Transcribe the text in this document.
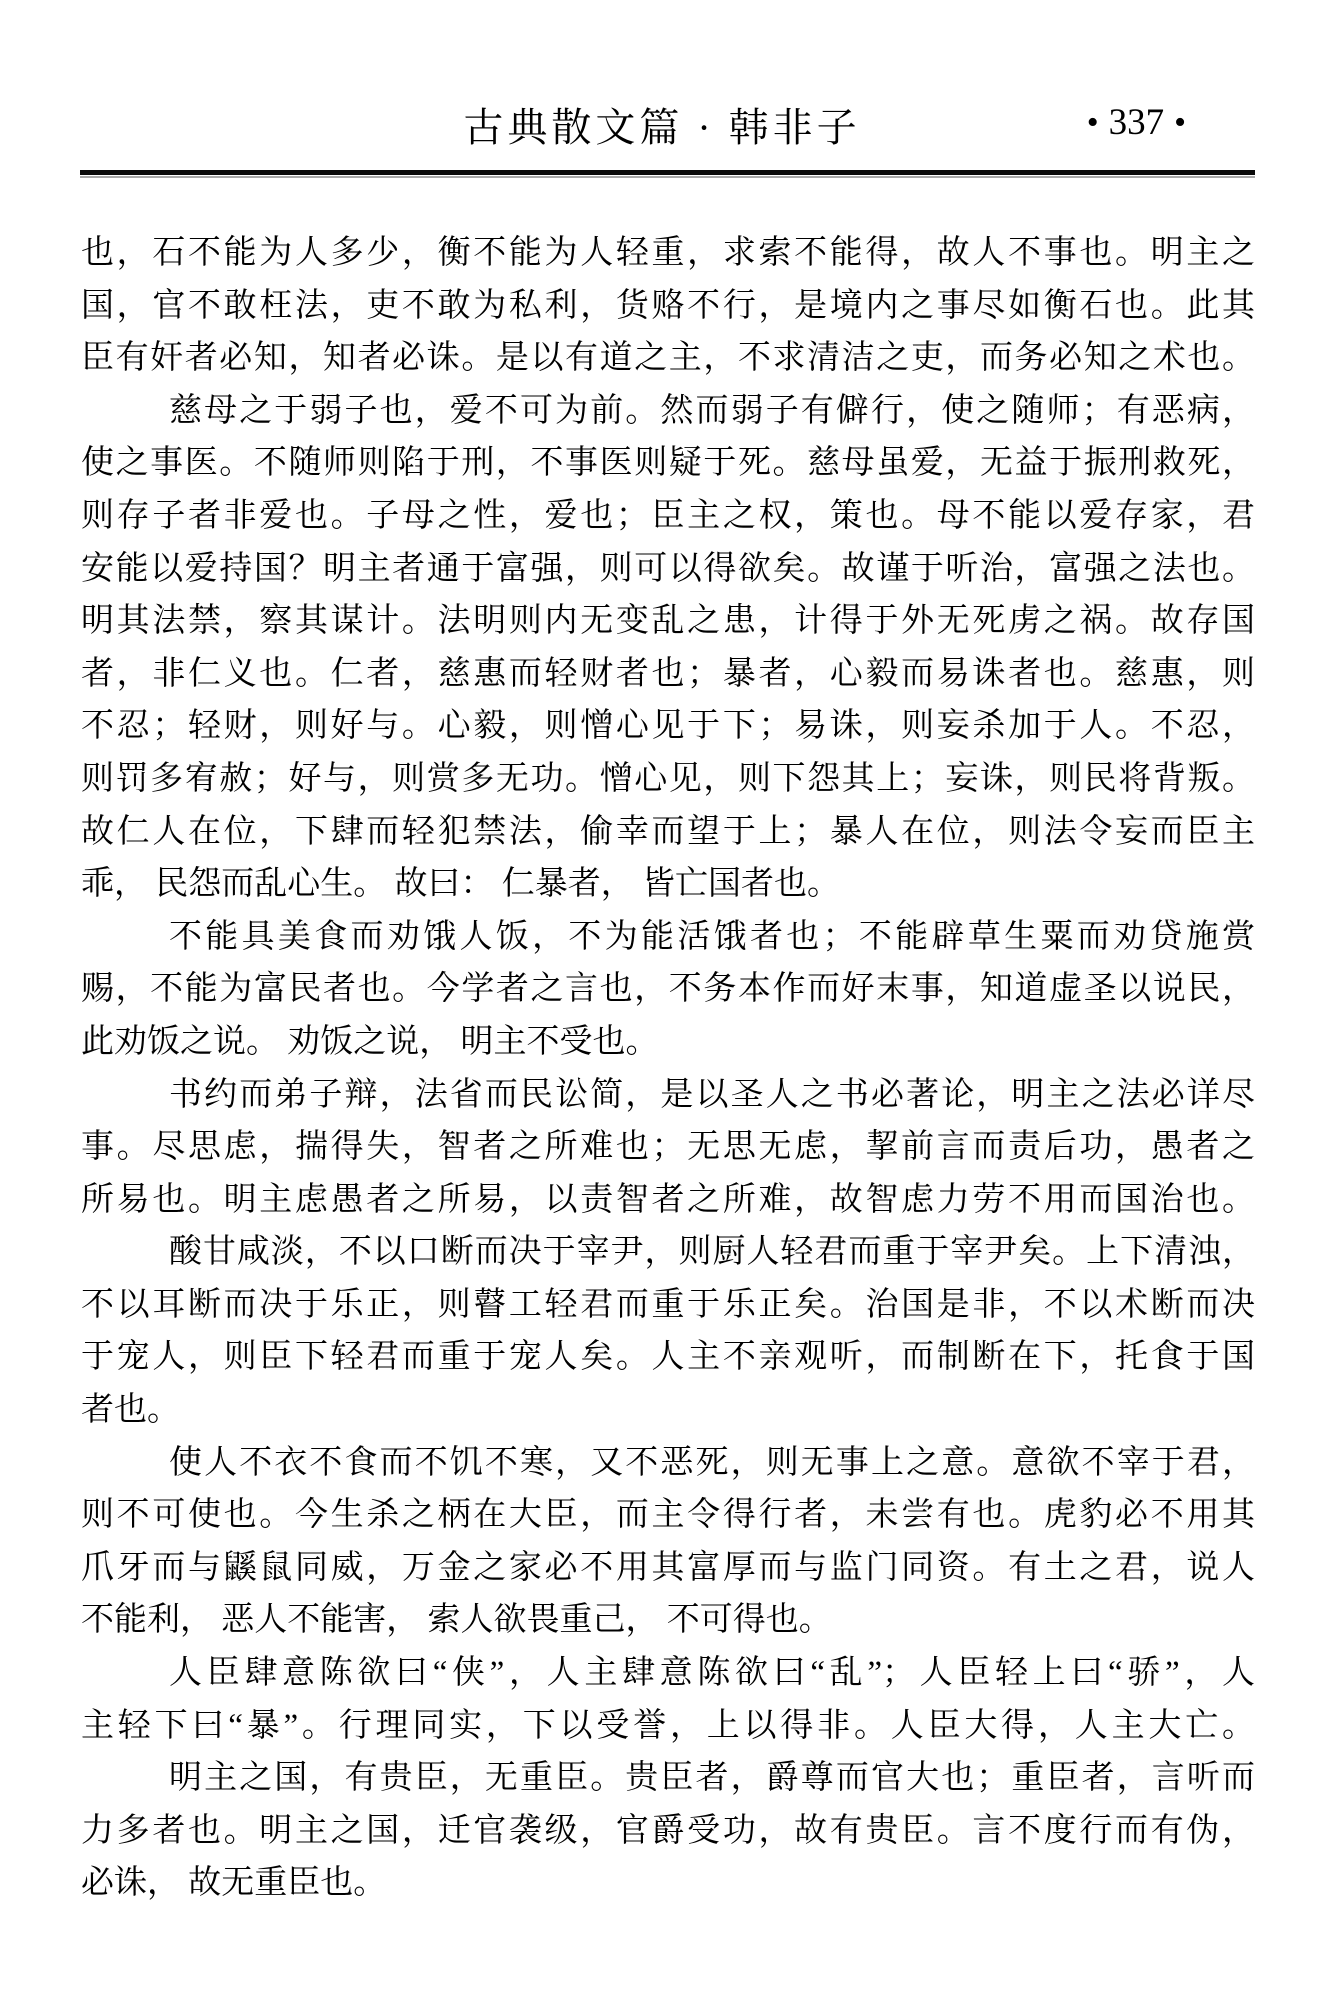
古典散文篇 · 韩非子	• 337 •
也，石不能为人多少，衡不能为人轻重，求索不能得，故人不事也。明主之
国，官不敢枉法，吏不敢为私利，货赂不行，是境内之事尽如衡石也。此其
臣有奸者必知，知者必诛。是以有道之主，不求清洁之吏，而务必知之术也。
慈母之于弱子也，爱不可为前。然而弱子有僻行，使之随师；有恶病，
使之事医。不随师则陷于刑，不事医则疑于死。慈母虽爱，无益于振刑救死，
则存子者非爱也。子母之性，爱也；臣主之权，策也。母不能以爱存家，君
安能以爱持国？明主者通于富强，则可以得欲矣。故谨于听治，富强之法也。
明其法禁，察其谋计。法明则内无变乱之患，计得于外无死虏之祸。故存国
者，非仁义也。仁者，慈惠而轻财者也；暴者，心毅而易诛者也。慈惠，则
不忍；轻财，则好与。心毅，则憎心见于下；易诛，则妄杀加于人。不忍，
则罚多宥赦；好与，则赏多无功。憎心见，则下怨其上；妄诛，则民将背叛。
故仁人在位，下肆而轻犯禁法，偷幸而望于上；暴人在位，则法令妄而臣主
乖， 民怨而乱心生。 故曰： 仁暴者， 皆亡国者也。
不能具美食而劝饿人饭，不为能活饿者也；不能辟草生粟而劝贷施赏
赐，不能为富民者也。今学者之言也，不务本作而好末事，知道虚圣以说民，
此劝饭之说。 劝饭之说， 明主不受也。
书约而弟子辩，法省而民讼简，是以圣人之书必著论，明主之法必详尽
事。尽思虑，揣得失，智者之所难也；无思无虑，挈前言而责后功，愚者之
所易也。明主虑愚者之所易，以责智者之所难，故智虑力劳不用而国治也。
酸甘咸淡，不以口断而决于宰尹，则厨人轻君而重于宰尹矣。上下清浊，
不以耳断而决于乐正，则瞽工轻君而重于乐正矣。治国是非，不以术断而决
于宠人，则臣下轻君而重于宠人矣。人主不亲观听，而制断在下，托食于国
者也。
使人不衣不食而不饥不寒，又不恶死，则无事上之意。意欲不宰于君，
则不可使也。今生杀之柄在大臣，而主令得行者，未尝有也。虎豹必不用其
爪牙而与鼷鼠同威，万金之家必不用其富厚而与监门同资。有土之君，说人
不能利， 恶人不能害， 索人欲畏重己， 不可得也。
人臣肆意陈欲曰“侠”，人主肆意陈欲曰“乱”；人臣轻上曰“骄”，人
主轻下曰“暴”。行理同实，下以受誉，上以得非。人臣大得，人主大亡。
明主之国，有贵臣，无重臣。贵臣者，爵尊而官大也；重臣者，言听而
力多者也。明主之国，迁官袭级，官爵受功，故有贵臣。言不度行而有伪，
必诛， 故无重臣也。
